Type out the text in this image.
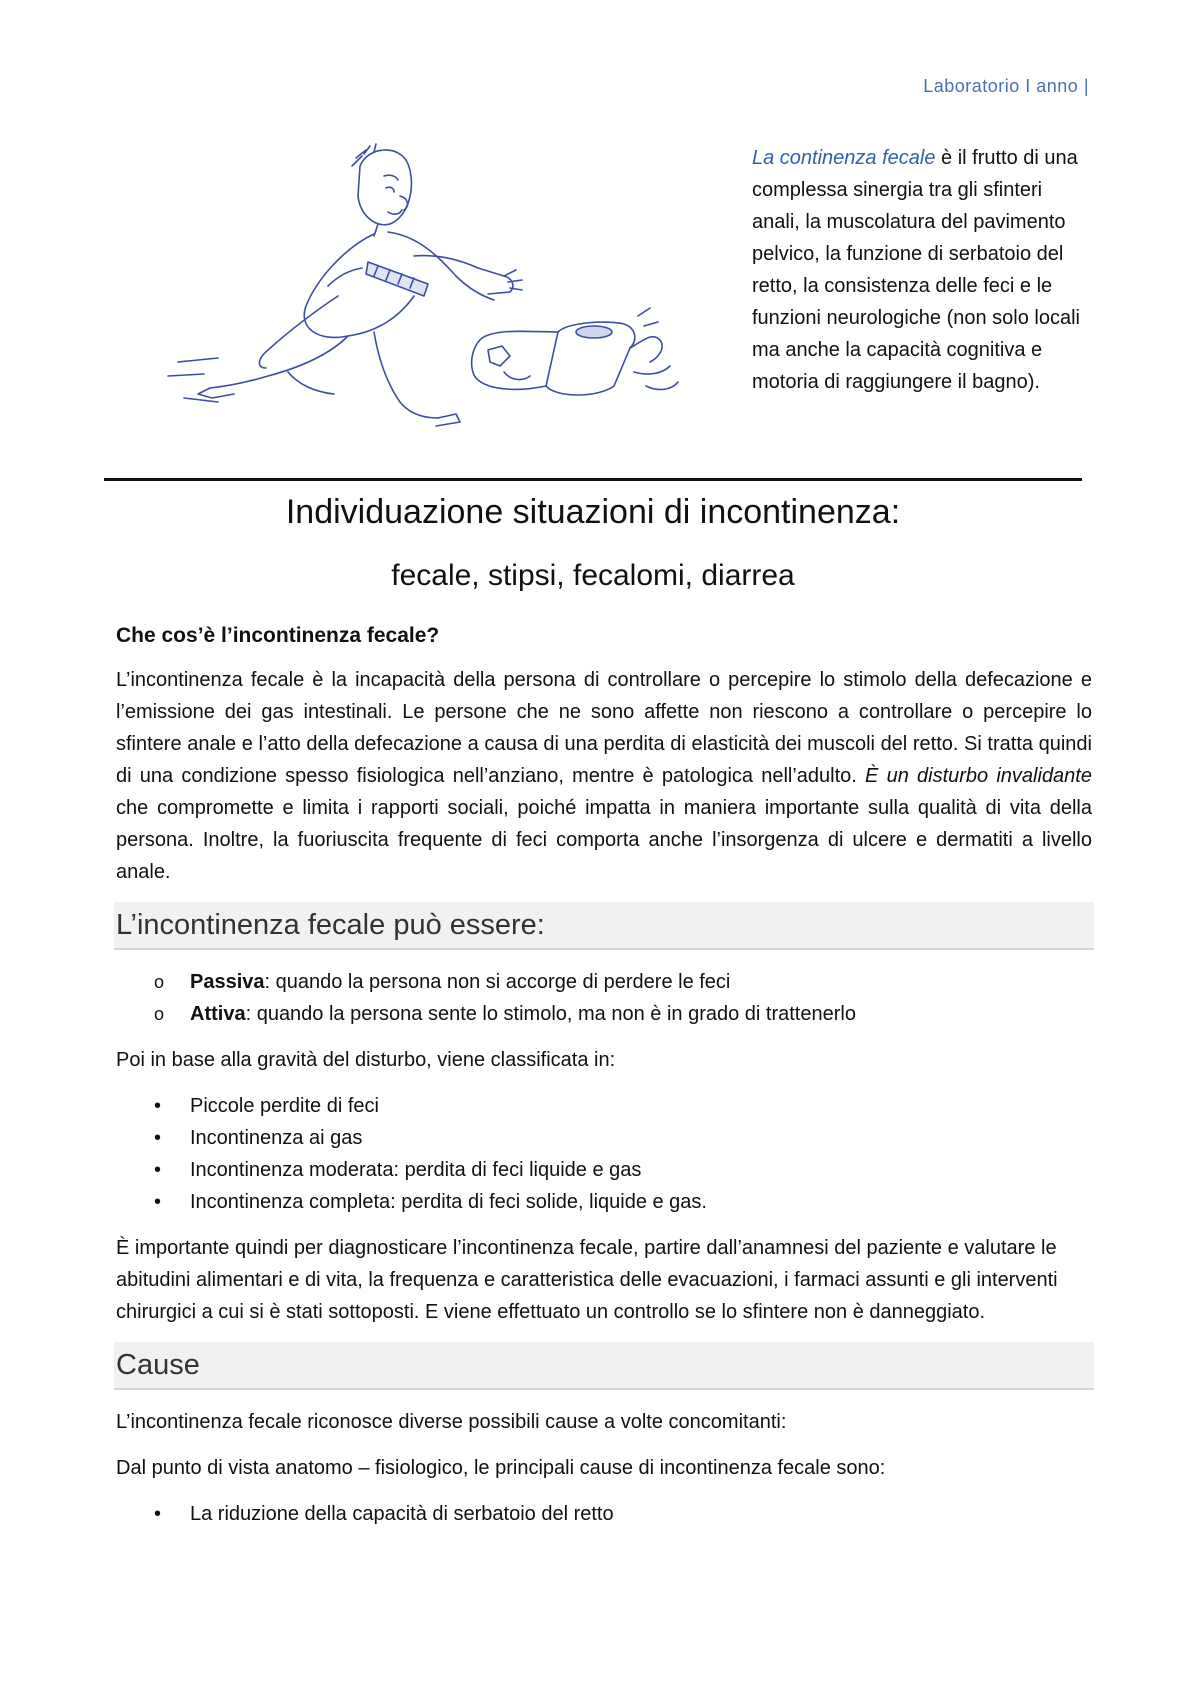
Laboratorio I anno |
La continenza fecale è il frutto di una complessa sinergia tra gli sfinteri anali, la muscolatura del pavimento pelvico, la funzione di serbatoio del retto, la consistenza delle feci e le funzioni neurologiche (non solo locali ma anche la capacità cognitiva e motoria di raggiungere il bagno).
Individuazione situazioni di incontinenza:
fecale, stipsi, fecalomi, diarrea
Che cos’è l’incontinenza fecale?

L’incontinenza fecale è la incapacità della persona di controllare o percepire lo stimolo della defecazione e l’emissione dei gas intestinali. Le persone che ne sono affette non riescono a controllare o percepire lo sfintere anale e l’atto della defecazione a causa di una perdita di elasticità dei muscoli del retto. Si tratta quindi di una condizione spesso fisiologica nell’anziano, mentre è patologica nell’adulto. È un disturbo invalidante che compromette e limita i rapporti sociali, poiché impatta in maniera importante sulla qualità di vita della persona. Inoltre, la fuoriuscita frequente di feci comporta anche l’insorgenza di ulcere e dermatiti a livello anale.

L’incontinenza fecale può essere:
o	Passiva: quando la persona non si accorge di perdere le feci
o	Attiva: quando la persona sente lo stimolo, ma non è in grado di trattenerlo

Poi in base alla gravità del disturbo, viene classificata in:

•	Piccole perdite di feci
•	Incontinenza ai gas
•	Incontinenza moderata: perdita di feci liquide e gas
•	Incontinenza completa: perdita di feci solide, liquide e gas.

È importante quindi per diagnosticare l’incontinenza fecale, partire dall’anamnesi del paziente e valutare le abitudini alimentari e di vita, la frequenza e caratteristica delle evacuazioni, i farmaci assunti e gli interventi chirurgici a cui si è stati sottoposti. E viene effettuato un controllo se lo sfintere non è danneggiato.

Cause

L’incontinenza fecale riconosce diverse possibili cause a volte concomitanti:

Dal punto di vista anatomo – fisiologico, le principali cause di incontinenza fecale sono:

•	La riduzione della capacità di serbatoio del retto
